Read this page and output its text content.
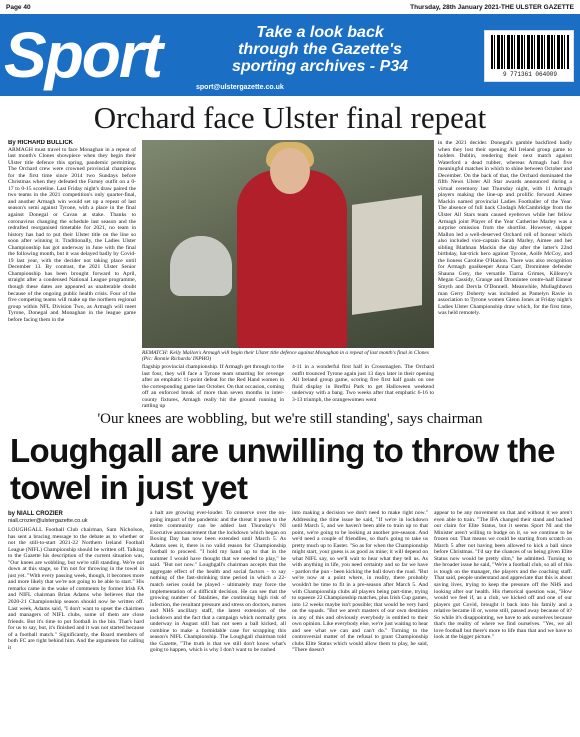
Page 40	Thursday, 28th January 2021-THE ULSTER GAZETTE
Sport	Take a look back
through the Gazette's
sporting archives - P34
sport@ulstergazette.co.uk
9 771361 064009
Orchard face Ulster final repeat
By RICHARD BULLICK

ARMAGH must travel to face Monaghan in a repeat of last month's Clones showpiece when they begin their Ulster title defence this spring, pandemic permitting. The Orchard crew were crowned provincial champions for the first time since 2014 two Sundays before Christmas when they defeated the Farney outfit on a 0-17 to 0-15 scoreline. Last Friday night's draw paired the two teams in the 2021 competition's only quarter-final, and another Armagh win would set up a repeat of last season's semi against Tyrone, with a place in the final against Donegal or Cavan at stake. Thanks to coronavirus changing the schedule last season and the redrafted reorganised timetable for 2021, no team in history has had to put their Ulster title on the line so soon after winning it. Traditionally, the Ladies Ulster Championship has got underway in June with the final the following month, but it was delayed badly by Covid-19 last year, with the decider not taking place until December 13. By contrast, the 2021 Ulster Senior Championship has been brought forward to April, straight after a condensed National League programme, though these dates are appeared as unalterable doubt because of the ongoing public health crisis. Four of the five competing teams will make up the northern regional group within NFL Division Two, as Armagh will meet Tyrone, Donegal and Monaghan in the league game before facing them in the

REMATCH: Kelly Mallon's Armagh will begin their Ulster title defence against Monaghan in a repeat of last month's final in Clones (Pic: Ronnie Richards/ INPHO)

flagship provincial championship. If Armagh get through to the last four, they will face a Tyrone team smarting for revenge after an emphatic 11-point defeat for the Red Hand women in the corresponding game last October. On that occasion, coming off an enforced break of more than seven months in inter-county fixtures, Armagh really hit the ground running in rattling up

4-11 in a wonderful first half in Crossmaglen. The Orchard outfit trounced Tyrone again just 13 days later in their opening All Ireland group game, scoring five first half goals on one fluid display in Breffni Park to get Halloween weekend underway with a bang. Two weeks after that emphatic 6-16 to 3-13 triumph, the orangewomen went

in the 2021 decider. Donegal's gamble backfired badly when they lost their opening All Ireland group game to holders Dublin, rendering their next match against Waterford a dead rubber, whereas Armagh had five meaningful matches in which to shine between October and December. On the back of that, the Orchard dominated the fifth News Ulster All Star awards announced during a virtual ceremony last Thursday night, with 11 Armagh players making the line-up and prolific forward Aimee Mackin named provincial Ladies Footballer of the Year. The absence of full back Clodagh McCambridge from the Ulster All Stars team caused eyebrows while her fellow Armagh joint Player of the Year Catherine Marley was a surprise omission from the shortlist. However, skipper Mallon led a well-deserved Orchard roll of honour which also included vice-captain Sarah Marley, Aimee and her sibling Blathnan Mackin the day after the latter's 22nd birthday, hat-trick hero against Tyrone, Aoife McCoy, and the lioness Caroline O'Hanlon. There was also recognition for Armagh goalkeeper Anna Carr, Dromintee defender Shauna Grey, the versatile Tiarna Grimes, Killeavy's Megan Cassidy, Grange and Dromintee centre-half Eimear Smyth and Dervla O'Donnell. Meanwhile, Mullaghbawn man Gerry Doherty was included as Pamelyn Ravie in association to Tyrone women Glenn Jones at Friday night's Ladies Ulster Championship draw which, for the first time, was held remotely.

'Our knees are wobbling, but we're still standing', says chairman
Loughgall are unwilling to throw the towel in just yet
by NIALL CROZIER
niall.crozier@ulstergazette.co.uk

LOUGHGALL Football Club chairman, Sam Nicholson, has sent a bracing message to the debate as to whether or not the still-to-start 2021-22 Northern Ireland Football League (NIFL) Championship should be written off. Talking to the Gazette his description of the current situation was, "Our knees are wobbling, but we're still standing. We're not down at this stage, so I'm not for throwing in the towel in just yet. "With every passing week, though, it becomes more and more likely that we're not going to be able to start." His remarks came in the wake of comments by former Irish FA and NIFL chairman Brian Adams who believes that the 2020-21 Championship season should now be written off. Last week, Adams said, "I don't want to upset the chairmen and managers of NIFL clubs, some of them are close friends. But it's time to put football in the bin. That's hard for us to say, but, it's finished and it was not started because of a football match." Significantly, the Board members of both FC are right behind him. And the arguments for calling it

a halt are growing ever-louder. To conserve over the on-going impact of the pandemic and the threat it poses to the entire community can be added last Thursday's NI Executive announcement that the lockdown which began on Boxing Day has now been extended until March 5. As Adams sees it, there is no valid reason for Championship football to proceed. "I hold my hand up to that in the summer I would have thought that we needed to play," he said. "But not now." Loughgall's chairman accepts that the aggregate effect of the health and social factors - to say nothing of the fast-shrinking time period in which a 22-match series could be played - ultimately may force the implementation of a difficult decision. He can see that the growing number of fatalities, the continuing high risk of infection, the resultant pressure and stress on doctors, nurses and NHS ancillary staff, the latest extension of the lockdown and the fact that a campaign which normally gets underway in August still has not seen a ball kicked, all combine to make a formidable case for scrapping this season's NIFL Championship. The Loughgall chairman told the Gazette, "The truth is that we still don't know what's going to happen, which is why I don't want to be rushed

into making a decision we don't need to make right now." Addressing the time issue he said, "If we're in lockdown until March 5, and we haven't been able to train up to that point, we're going to be looking at another pre-season. And we'd need a couple of friendlies, so that's going to take us pretty much up to Easter. "So as for when the Championship might start, your guess is as good as mine; it will depend on what NIFL say, so we'll wait to hear what they tell us. As with anything in life, you need certainty and so far we have - pardon the pun - been kicking the ball down the road. "But we're now at a point where, in reality, there probably wouldn't be time to fit in a pre-season after March 5. And with Championship clubs all players being part-time, trying to squeeze 22 Championship matches, plus Irish Cup games, into 12 weeks maybe isn't possible; that would be very hard on the squads. "But we aren't masters of our own destinies in any of this and obviously everybody is entitled to their own opinion. Like everybody else, we're just waiting to hear and see what we can and can't do." Turning to the controversial matter of the refusal to grant Championship clubs Elite Status which would allow them to play, he said, "There doesn't

appear to be any movement on that and without it we aren't even able to train. "The IFA changed their stand and backed our claim for Elite Status, but it seems Sport NI and the Minister aren't willing to budge on it, so we continue to be frozen out. That means we could be starting from scratch on March 5 after not having been allowed to kick a ball since before Christmas. "I'd say the chances of us being given Elite Status now would be pretty slim," he admitted. Turning to the broader issue he said, "We're a football club, so all of this is tough on the manager, the players and the coaching staff. That said, people understand and appreciate that this is about saving lives, trying to keep the pressure off the NHS and looking after our health. His rhetorical question was, "How would we feel if, as a club, we kicked off and one of our players got Covid, brought it back into his family and a relative became ill or, worse still, passed away because of it? So while it's disappointing, we have to ask ourselves because that's the reality of where we find ourselves. "Yes, we all love football but there's more to life than that and we have to look at the bigger picture."
